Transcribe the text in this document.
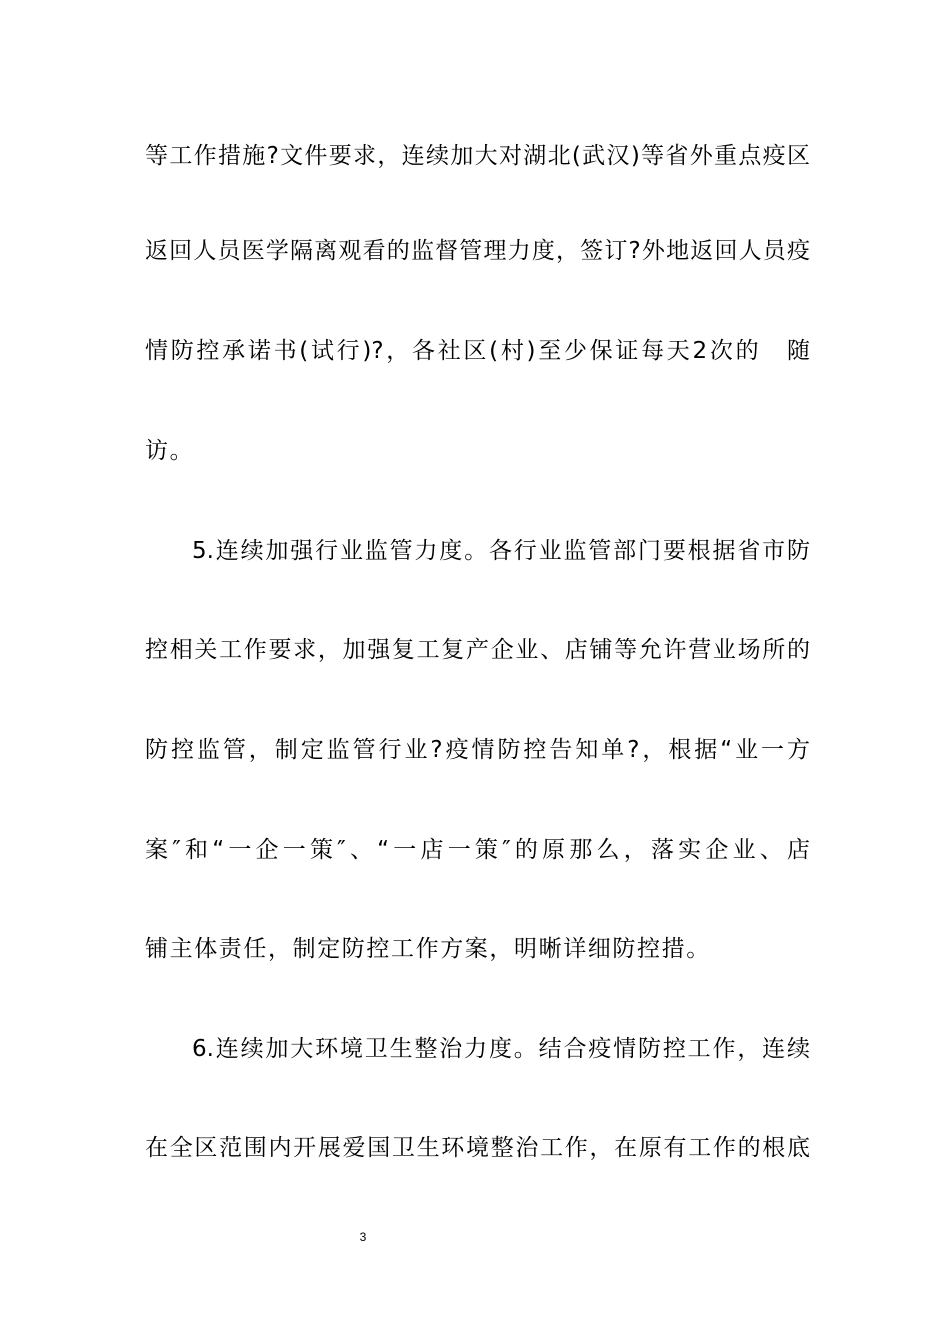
等工作措施?文件要求，连续加大对湖北(武汉)等省外重点疫区
返回人员医学隔离观看的监督管理力度，签订?外地返回人员疫
情防控承诺书(试行)?，各社区(村)至少保证每天2次的　随
访。
5.连续加强行业监管力度。各行业监管部门要根据省市防
控相关工作要求，加强复工复产企业、店铺等允许营业场所的
防控监管，制定监管行业?疫情防控告知单?，根据“业一方
案″和“一企一策″、“一店一策″的原那么，落实企业、店
铺主体责任，制定防控工作方案，明晰详细防控措。
6.连续加大环境卫生整治力度。结合疫情防控工作，连续
在全区范围内开展爱国卫生环境整治工作，在原有工作的根底
3
